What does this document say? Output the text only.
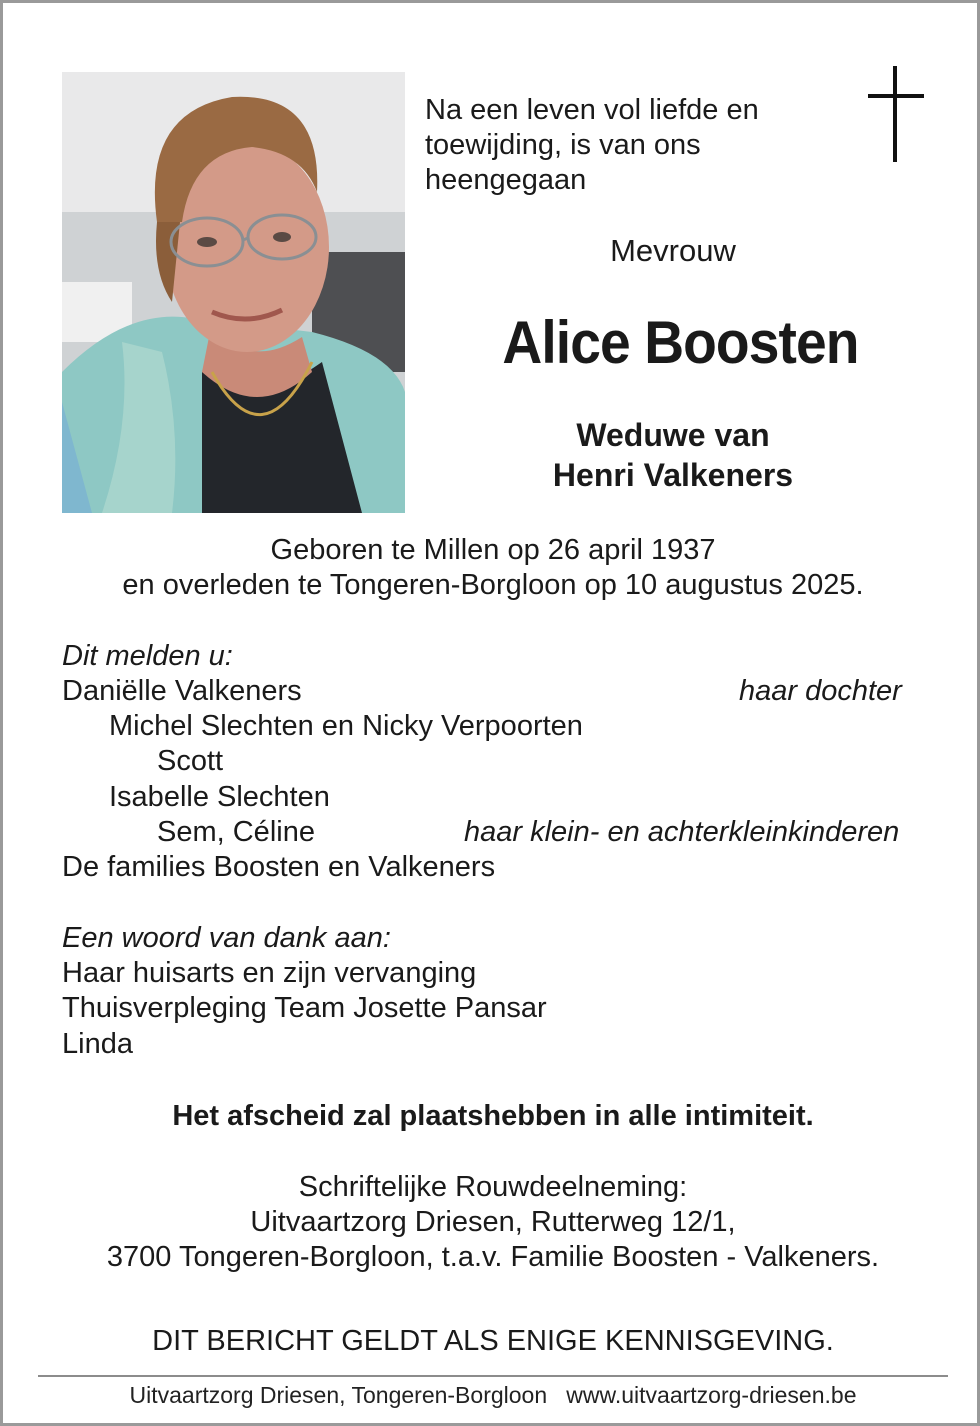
Na een leven vol liefde en
toewijding, is van ons
heengegaan
Mevrouw
Alice Boosten
Weduwe van
Henri Valkeners
Geboren te Millen op 26 april 1937
en overleden te Tongeren-Borgloon op 10 augustus 2025.
Dit melden u:
Daniëlle Valkeners	haar dochter
Michel Slechten en Nicky Verpoorten
Scott
Isabelle Slechten
Sem, Céline	haar klein- en achterkleinkinderen
De families Boosten en Valkeners
Een woord van dank aan:
Haar huisarts en zijn vervanging
Thuisverpleging Team Josette Pansar
Linda
Het afscheid zal plaatshebben in alle intimiteit.
Schriftelijke Rouwdeelneming:
Uitvaartzorg Driesen, Rutterweg 12/1,
3700 Tongeren-Borgloon, t.a.v. Familie Boosten - Valkeners.
DIT BERICHT GELDT ALS ENIGE KENNISGEVING.
Uitvaartzorg Driesen, Tongeren-Borgloon   www.uitvaartzorg-driesen.be
